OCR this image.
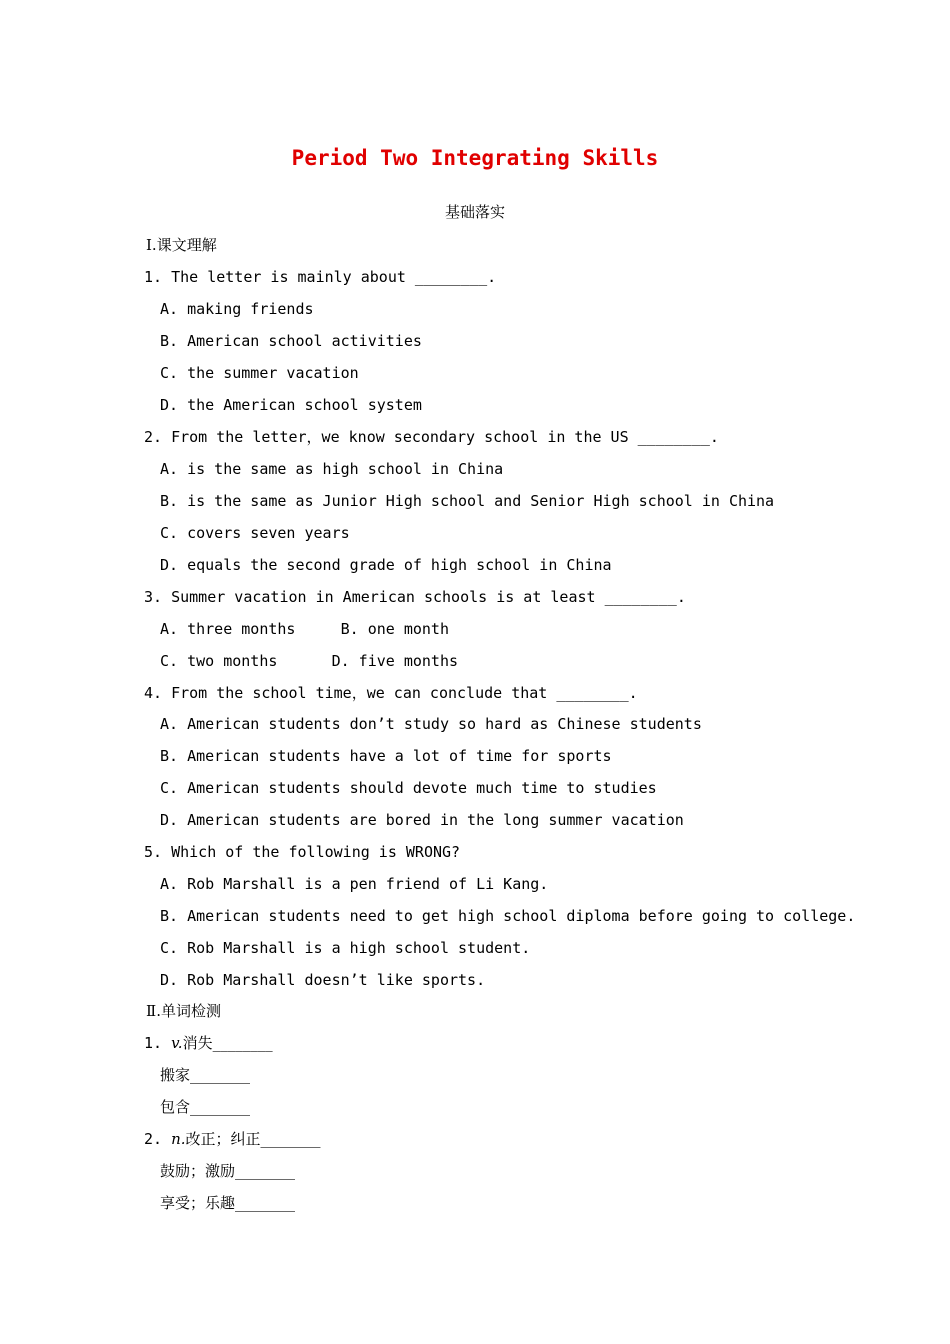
Period Two Integrating Skills
基础落实
Ⅰ.课文理解
1. The letter is mainly about ________.
A. making friends
B. American school activities
C. the summer vacation
D. the American school system
2. From the letter，we know secondary school in the US ________.
A. is the same as high school in China
B. is the same as Junior High school and Senior High school in China
C. covers seven years
D. equals the second grade of high school in China
3. Summer vacation in American schools is at least ________.
A. three months     B. one month
C. two months      D. five months
4. From the school time，we can conclude that ________.
A. American students don’t study so hard as Chinese students
B. American students have a lot of time for sports
C. American students should devote much time to studies
D. American students are bored in the long summer vacation
5. Which of the following is WRONG?
A. Rob Marshall is a pen friend of Li Kang.
B. American students need to get high school diploma before going to college.
C. Rob Marshall is a high school student.
D. Rob Marshall doesn’t like sports.
Ⅱ.单词检测
1. v.消失________
搬家________
包含________
2. n.改正；纠正________
鼓励；激励________
享受；乐趣________
